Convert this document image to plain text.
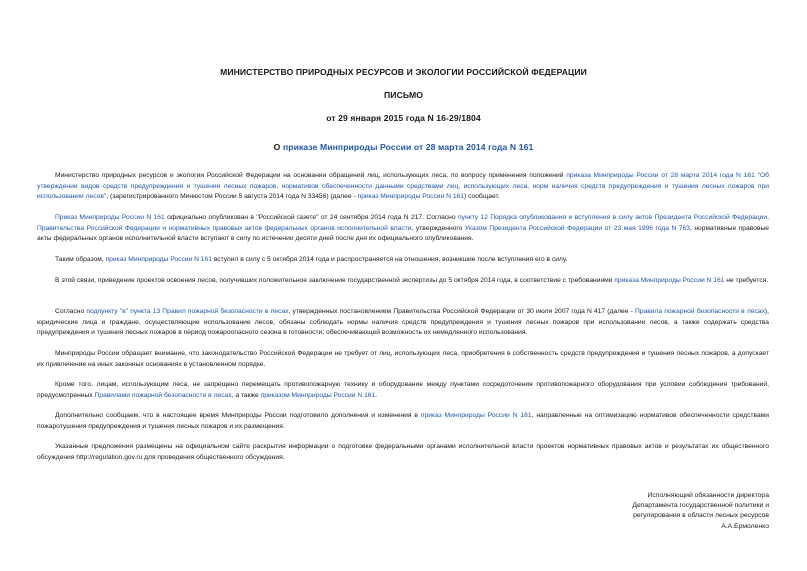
МИНИСТЕРСТВО ПРИРОДНЫХ РЕСУРСОВ И ЭКОЛОГИИ РОССИЙСКОЙ ФЕДЕРАЦИИ
ПИСЬМО
от 29 января 2015 года N 16-29/1804
О приказе Минприроды России от 28 марта 2014 года N 161

Министерство природных ресурсов и экологии Российской Федерации на основании обращений лиц, использующих леса, по вопросу применения положений приказа Минприроды России от 28 марта 2014 года N 161 "Об утверждении видов средств предупреждения и тушения лесных пожаров, нормативов обеспеченности данными средствами лиц, использующих леса, норм наличия средств предупреждения и тушения лесных пожаров при использовании лесов", (зарегистрированного Минюстом России 5 августа 2014 года N 33456) (далее - приказ Минприроды России N 161) сообщает.

Приказ Минприроды России N 161 официально опубликован в "Российской газете" от 24 сентября 2014 года N 217. Согласно пункту 12 Порядка опубликования и вступления в силу актов Президента Российской Федерации, Правительства Российской Федерации и нормативных правовых актов федеральных органов исполнительной власти, утвержденного Указом Президента Российской Федерации от 23 мая 1996 года N 763, нормативные правовые акты федеральных органов исполнительной власти вступают в силу по истечении десяти дней после дня их официального опубликования.

Таким образом, приказ Минприроды России N 161 вступил в силу с 5 октября 2014 года и распространяется на отношения, возникшие после вступления его в силу.

В этой связи, приведение проектов освоения лесов, получивших положительное заключение государственной экспертизы до 5 октября 2014 года, в соответствие с требованиями приказа Минприроды России N 161 не требуется.

Согласно подпункту "в" пункта 13 Правил пожарной безопасности в лесах, утвержденных постановлением Правительства Российской Федерации от 30 июля 2007 года N 417 (далее - Правила пожарной безопасности в лесах), юридические лица и граждане, осуществляющие использование лесов, обязаны соблюдать нормы наличия средств предупреждения и тушения лесных пожаров при использовании лесов, а также содержать средства предупреждения и тушения лесных пожаров в период пожароопасного сезона в готовности, обеспечивающей возможность их немедленного использования.

Минприроды России обращает внимание, что законодательство Российской Федерации не требует от лиц, использующих леса, приобретения в собственность средств предупреждения и тушения лесных пожаров, а допускает их привлечение на иных законных основаниях в установленном порядке.

Кроме того, лицам, использующим леса, не запрещено перемещать противопожарную технику и оборудование между пунктами сосредоточения противопожарного оборудования при условии соблюдения требований, предусмотренных Правилами пожарной безопасности в лесах, а также приказом Минприроды России N 161.

Дополнительно сообщаем, что в настоящее время Минприроды России подготовило дополнения и изменения в приказ Минприроды России N 161, направленные на оптимизацию нормативов обеспеченности средствами пожаротушения предупреждения и тушения лесных пожаров и их размещения.

Указанные предложения размещены на официальном сайте раскрытия информации о подготовке федеральными органами исполнительной власти проектов нормативных правовых актов и результатах их общественного обсуждения http://regulation.gov.ru для проведения общественного обсуждения.

Исполняющий обязанности директора
Департамента государственной политики и
регулирования в области лесных ресурсов
А.А.Ермоленко
